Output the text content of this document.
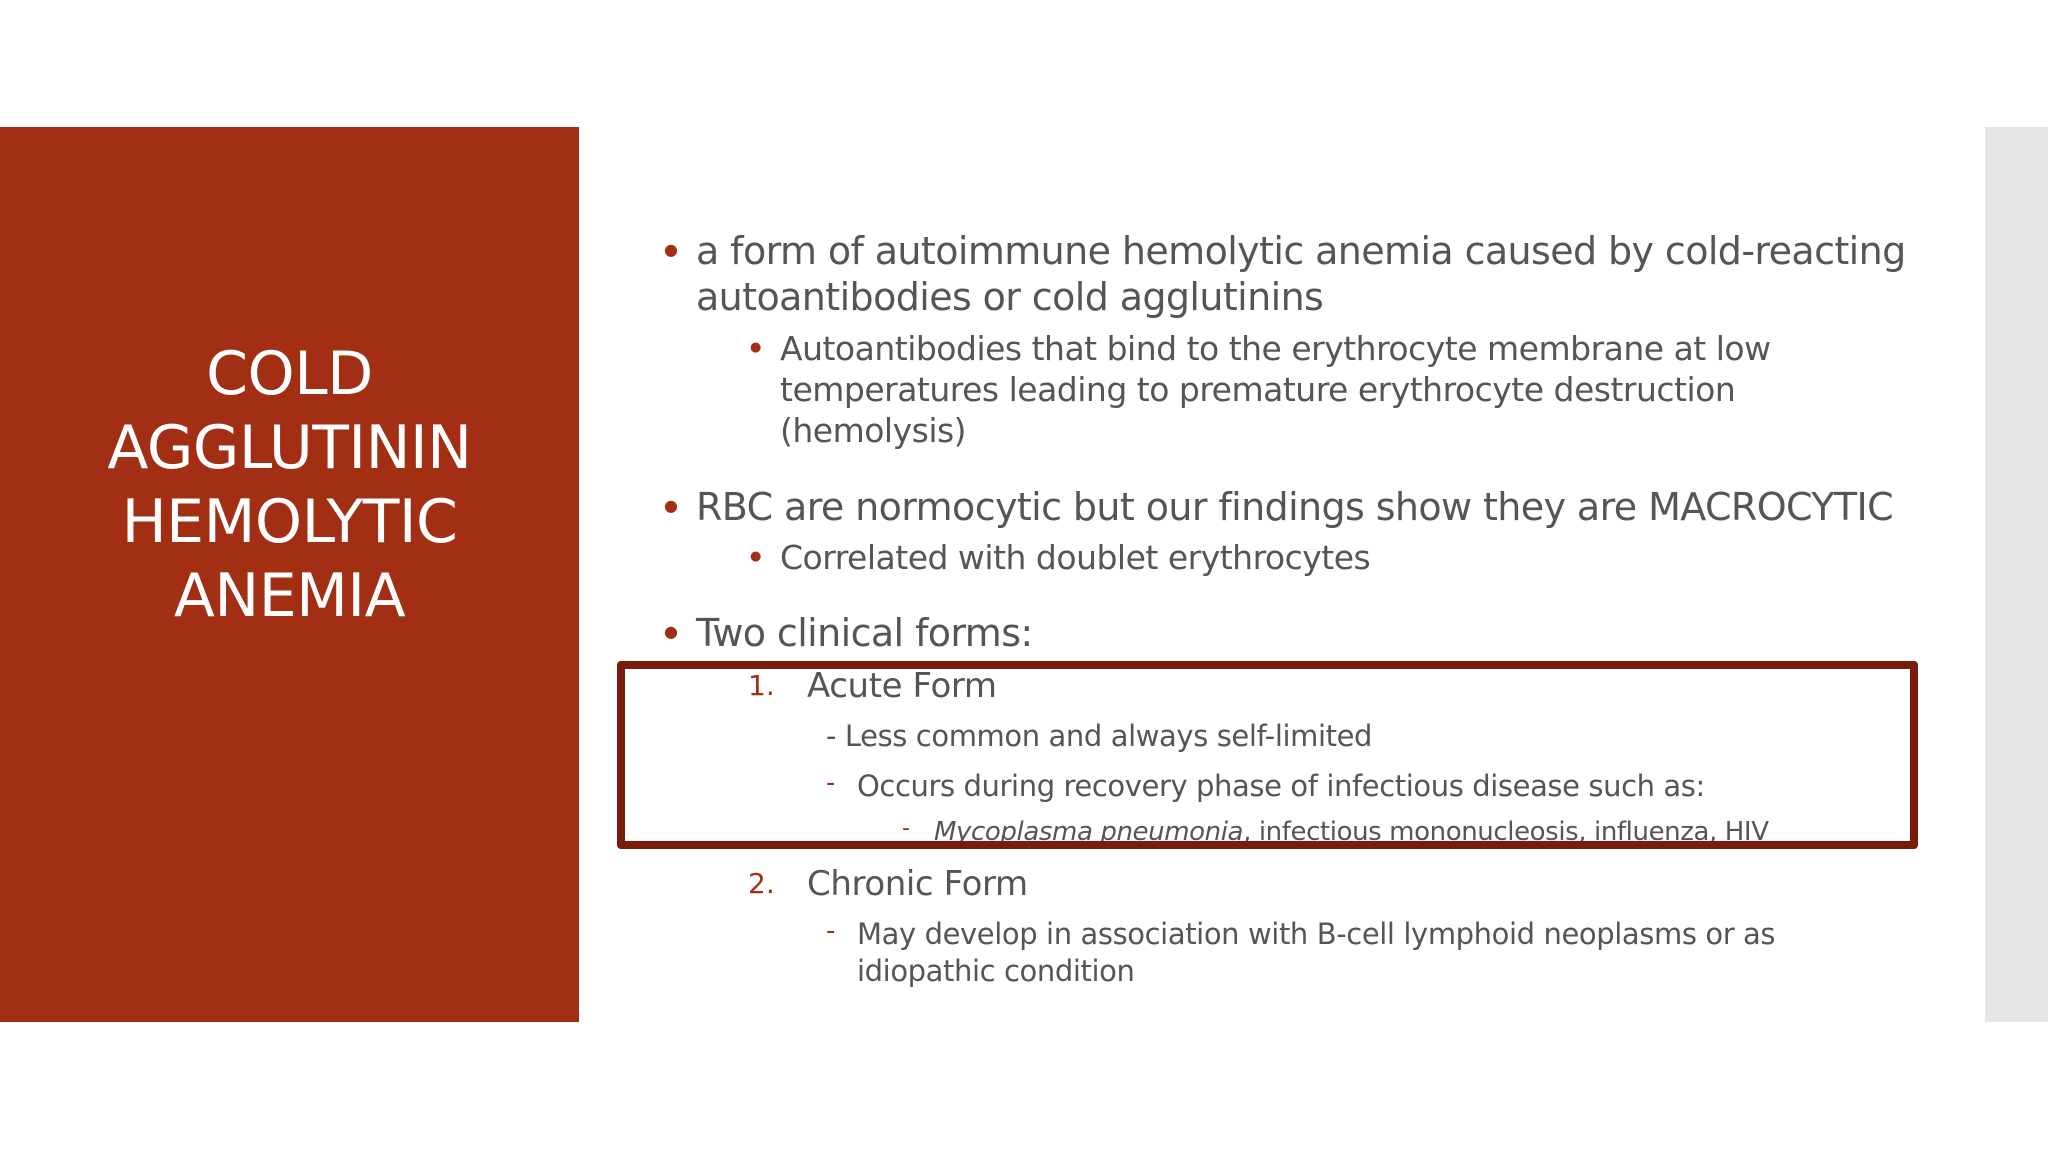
COLD
AGGLUTININ
HEMOLYTIC
ANEMIA
● a form of autoimmune hemolytic anemia caused by cold-reacting
autoantibodies or cold agglutinins
● Autoantibodies that bind to the erythrocyte membrane at low
temperatures leading to premature erythrocyte destruction
(hemolysis)
● RBC are normocytic but our findings show they are MACROCYTIC
● Correlated with doublet erythrocytes
● Two clinical forms:
1. Acute Form
- Less common and always self-limited
- Occurs during recovery phase of infectious disease such as:
- Mycoplasma pneumonia, infectious mononucleosis, influenza, HIV
2. Chronic Form
- May develop in association with B-cell lymphoid neoplasms or as
idiopathic condition
